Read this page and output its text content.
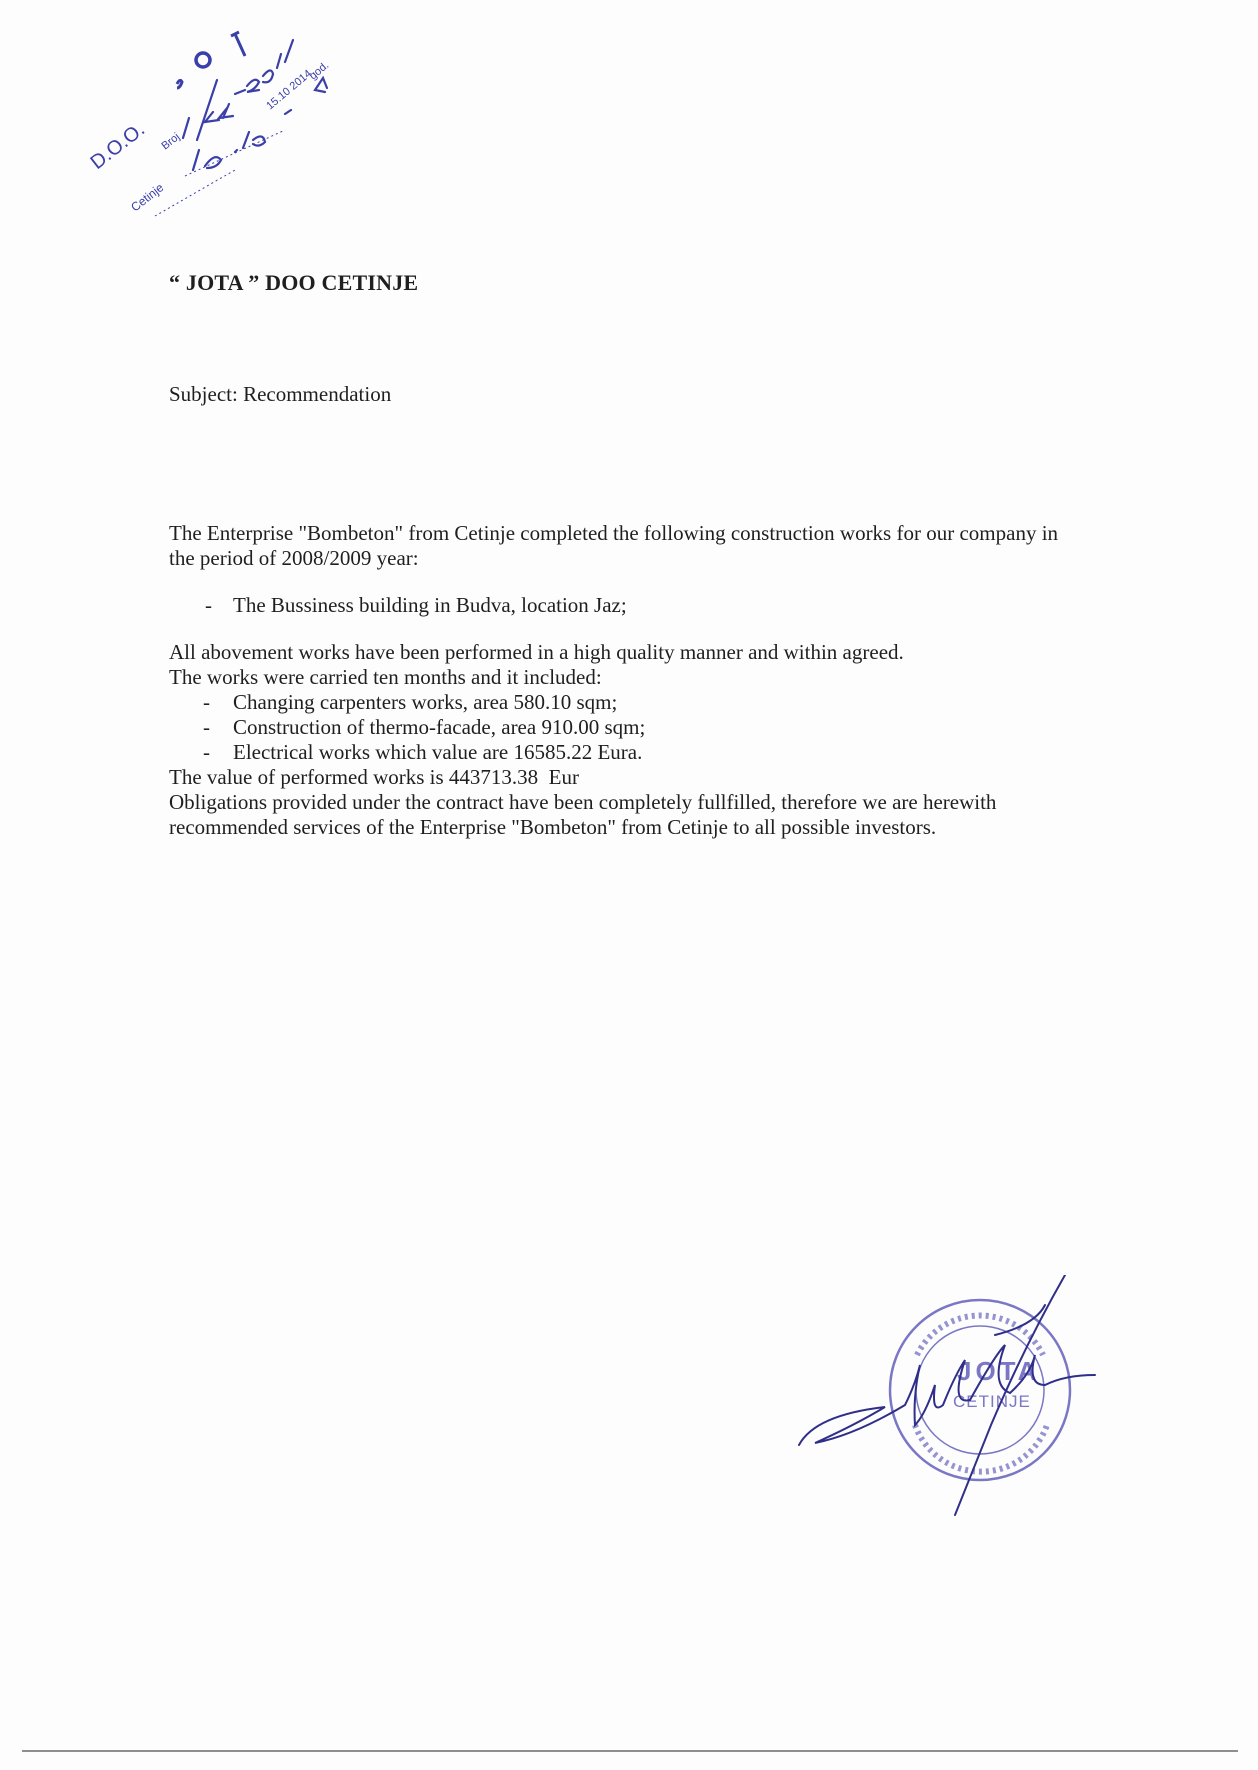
D.O.O. Broj
Cetinje
15.10 2014
god.
“ JOTA ” DOO CETINJE
Subject: Recommendation

The Enterprise "Bombeton" from Cetinje completed the following construction works for our company in the period of 2008/2009 year:

- The Bussiness building in Budva, location Jaz;

All abovement works have been performed in a high quality manner and within agreed.

The works were carried ten months and it included:

- Changing carpenters works, area 580.10 sqm;
- Construction of thermo-facade, area 910.00 sqm;
- Electrical works which value are 16585.22 Eura.

The value of performed works is 443713.38  Eur

Obligations provided under the contract have been completely fullfilled, therefore we are herewith recommended services of the Enterprise "Bombeton" from Cetinje to all possible investors.

JOTA
CETINJE
